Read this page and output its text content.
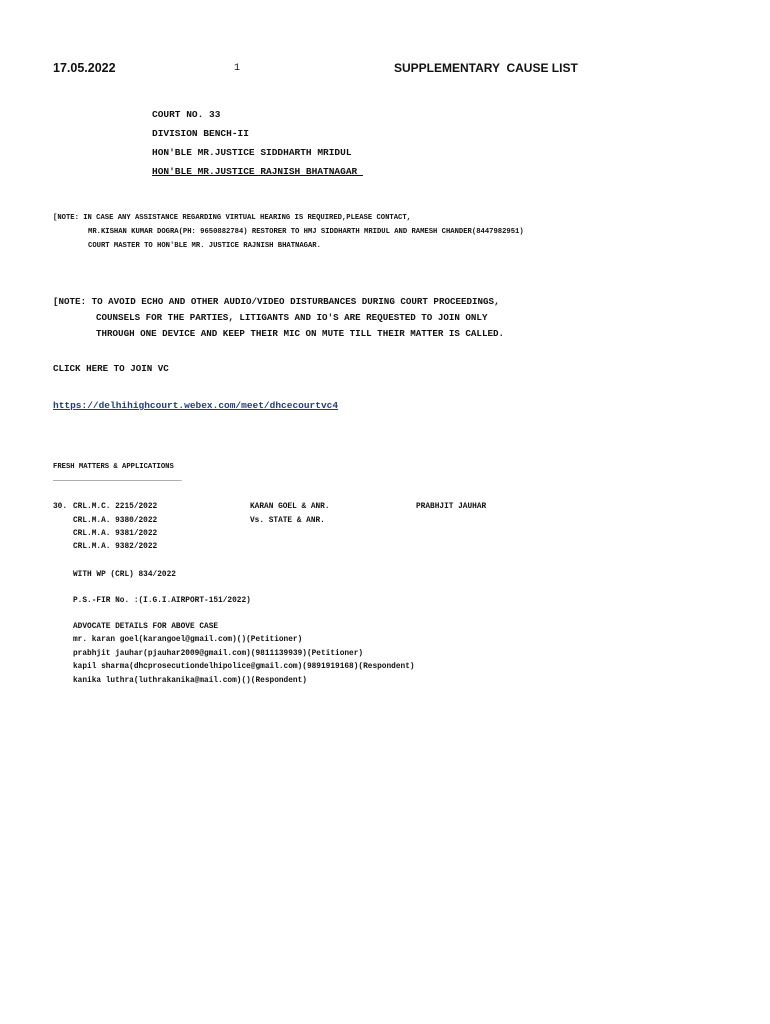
17.05.2022	1	SUPPLEMENTARY  CAUSE LIST
COURT NO. 33
DIVISION BENCH-II
HON'BLE MR.JUSTICE SIDDHARTH MRIDUL
HON'BLE MR.JUSTICE RAJNISH BHATNAGAR
[NOTE: IN CASE ANY ASSISTANCE REGARDING VIRTUAL HEARING IS REQUIRED,PLEASE CONTACT,
MR.KISHAN KUMAR DOGRA(PH: 9650882784) RESTORER TO HMJ SIDDHARTH MRIDUL AND RAMESH CHANDER(8447982951)
COURT MASTER TO HON'BLE MR. JUSTICE RAJNISH BHATNAGAR.
[NOTE: TO AVOID ECHO AND OTHER AUDIO/VIDEO DISTURBANCES DURING COURT PROCEEDINGS,
COUNSELS FOR THE PARTIES, LITIGANTS AND IO'S ARE REQUESTED TO JOIN ONLY
THROUGH ONE DEVICE AND KEEP THEIR MIC ON MUTE TILL THEIR MATTER IS CALLED.
CLICK HERE TO JOIN VC
https://delhihighcourt.webex.com/meet/dhcecourtvc4
FRESH MATTERS & APPLICATIONS
________________________________
30. CRL.M.C. 2215/2022
CRL.M.A. 9380/2022
CRL.M.A. 9381/2022
CRL.M.A. 9382/2022
KARAN GOEL & ANR.
Vs. STATE & ANR.
PRABHJIT JAUHAR
WITH WP (CRL) 834/2022
P.S.-FIR No. :(I.G.I.AIRPORT-151/2022)
ADVOCATE DETAILS FOR ABOVE CASE
mr. karan goel(karangoel@gmail.com)()(Petitioner)
prabhjit jauhar(pjauhar2009@gmail.com)(9811139939)(Petitioner)
kapil sharma(dhcprosecutiondelhipolice@gmail.com)(9891919168)(Respondent)
kanika luthra(luthrakanika@mail.com)()(Respondent)
